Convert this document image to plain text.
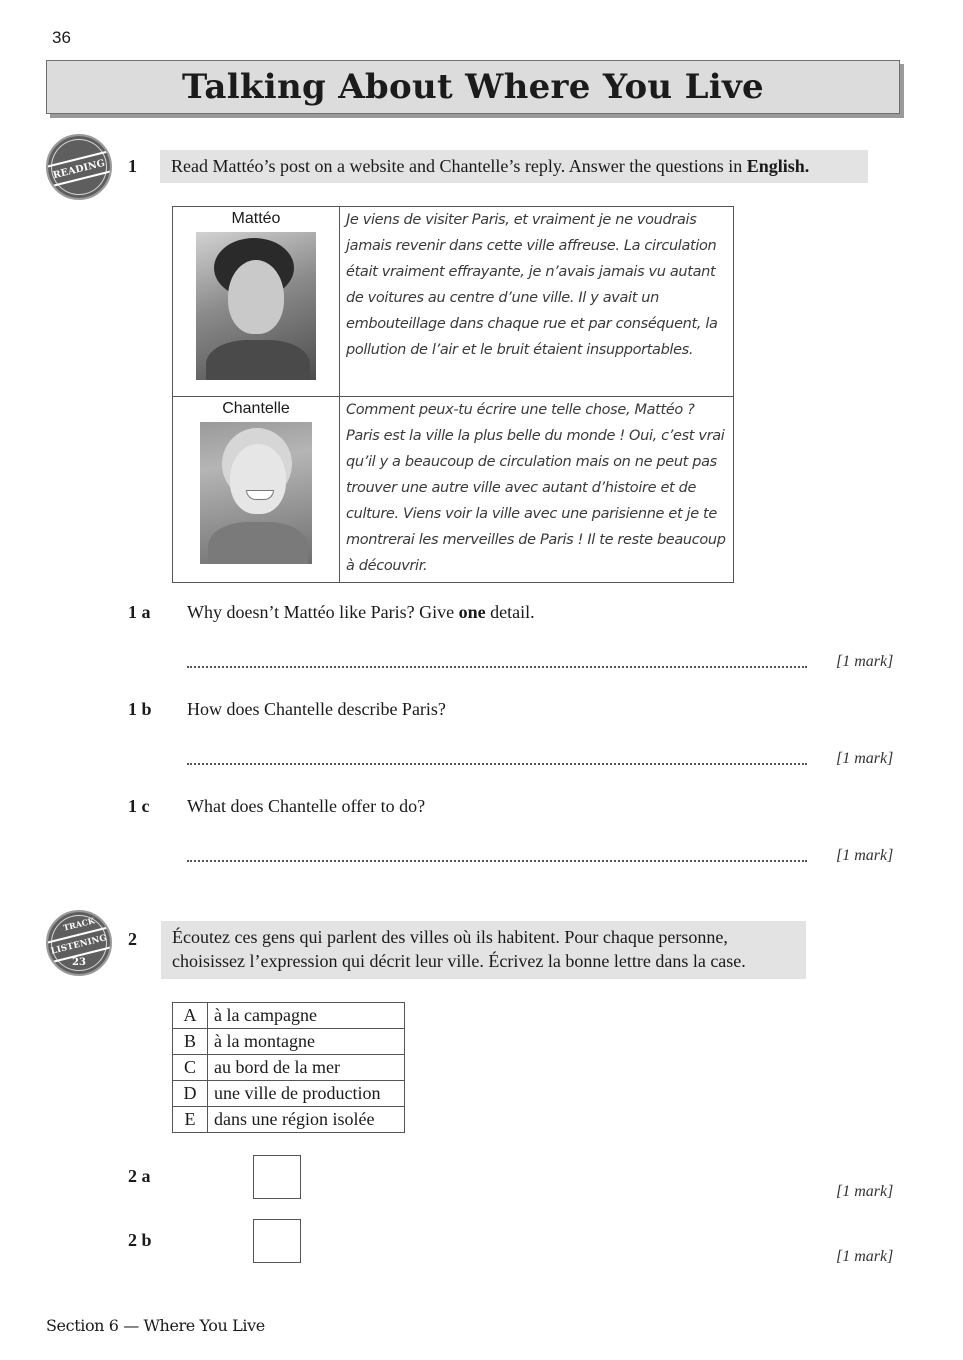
36
Talking About Where You Live
READING	1	Read Mattéo’s post on a website and Chantelle’s reply. Answer the questions in English.
Mattéo	Je viens de visiter Paris, et vraiment je ne voudrais jamais revenir dans cette ville affreuse. La circulation était vraiment effrayante, je n’avais jamais vu autant de voitures au centre d’une ville. Il y avait un embouteillage dans chaque rue et par conséquent, la pollution de l’air et le bruit étaient insupportables.

Chantelle	Comment peux-tu écrire une telle chose, Mattéo ? Paris est la ville la plus belle du monde ! Oui, c’est vrai qu’il y a beaucoup de circulation mais on ne peut pas trouver une autre ville avec autant d’histoire et de culture. Viens voir la ville avec une parisienne et je te montrerai les merveilles de Paris ! Il te reste beaucoup à découvrir.
1 a Why doesn’t Mattéo like Paris? Give one detail.
[1 mark]
1 b How does Chantelle describe Paris?
[1 mark]
1 c What does Chantelle offer to do?
[1 mark]
TRACK
LISTENING
23
2 Écoutez ces gens qui parlent des villes où ils habitent. Pour chaque personne,
choisissez l’expression qui décrit leur ville. Écrivez la bonne lettre dans la case.
A	à la campagne
B	à la montagne
C	au bord de la mer
D	une ville de production
E	dans une région isolée
2 a
[1 mark]
2 b
[1 mark]
Section 6 — Where You Live
